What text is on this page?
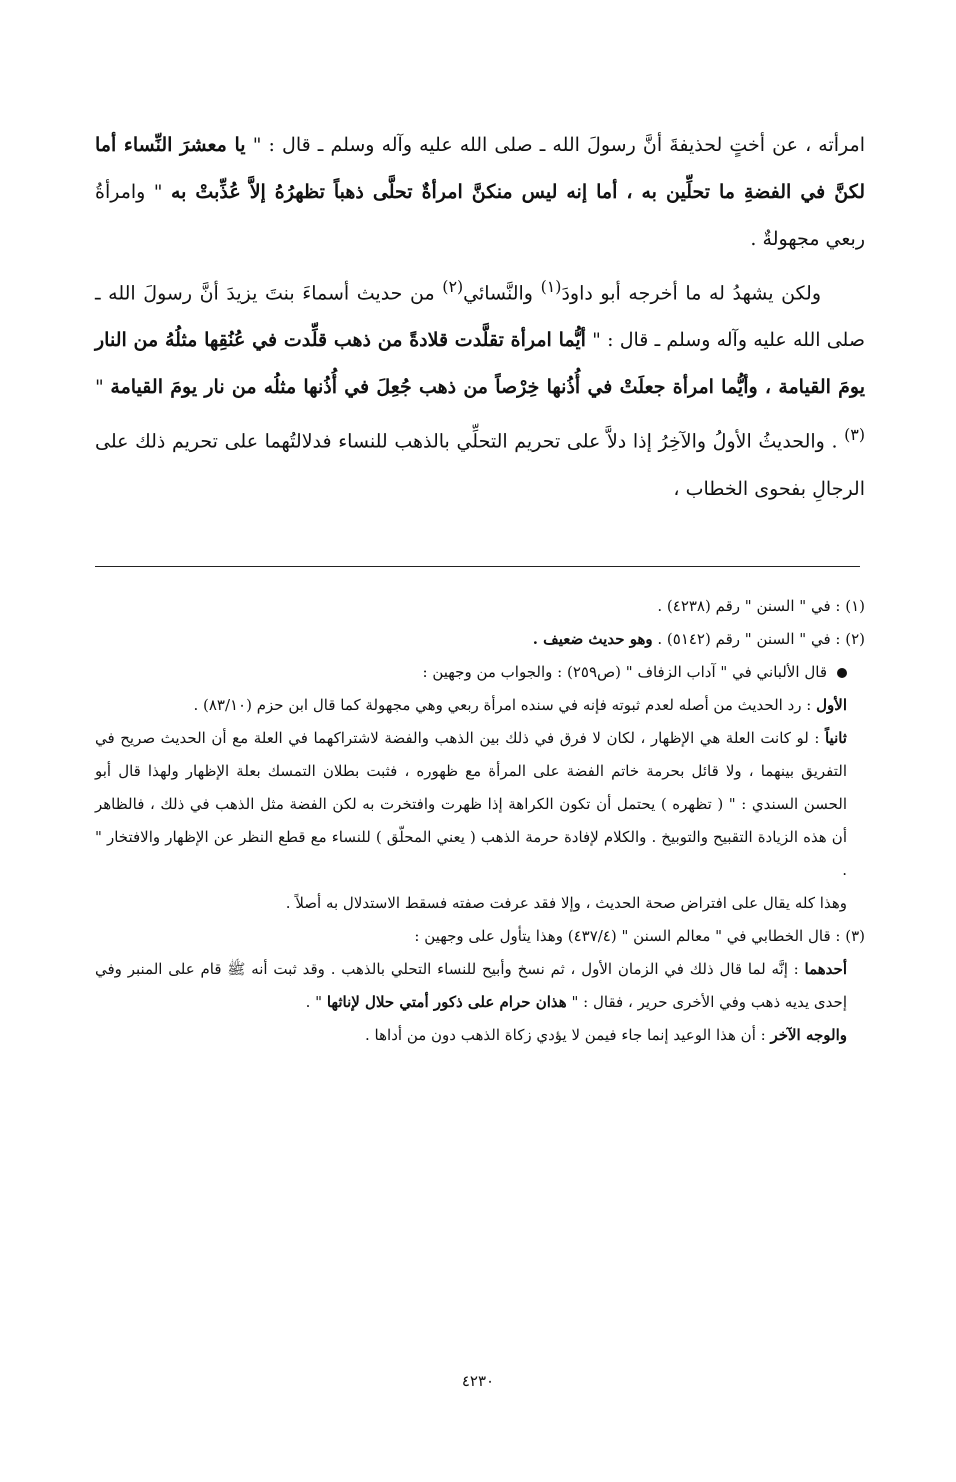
امرأته ، عن أختٍ لحذيفةَ أنَّ رسولَ الله ـ صلى الله عليه وآله وسلم ـ قال : " يا معشرَ النِّساء أما لكنَّ في الفضةِ ما تحلِّين به ، أما إنه ليس منكنَّ امرأةٌ تحلَّى ذهباً تظهرُهُ إلاَّ عُذِّبتْ به " وامرأةُ ربعي مجهولةٌ .

ولكن يشهدُ له ما أخرجه أبو داودَ$^{(١)}$ والنَّسائي$^{(٢)}$ من حديث أسماءَ بنتَ يزيدَ أنَّ رسولَ الله ـ صلى الله عليه وآله وسلم ـ قال : " أيُّما امرأة تقلَّدت قلادةً من ذهب قلِّدت في عُنُقِها مثلُهُ من النار يومَ القيامة ، وأيُّما امرأة جعلَتْ في أُذُنها خِرْصاً من ذهب جُعِلَ في أُذُنها مثلُه من نار يومَ القيامة "$^{(٣)}$ . والحديثُ الأولُ والآخِرُ إذا دلاَّ على تحريم التحلِّي بالذهب للنساء فدلالتُهما على تحريم ذلك على الرجالِ بفحوى الخطاب ،

(١) : في " السنن " رقم (٤٢٣٨) .

(٢) : في " السنن " رقم (٥١٤٢) . وهو حديث ضعيف .

قال الألباني في " آداب الزفاف " (ص٢٥٩) : والجواب من وجهين :

الأول : رد الحديث من أصله لعدم ثبوته فإنه في سنده امرأة ربعي وهي مجهولة كما قال ابن حزم (٨٣/١٠) .

ثانياً : لو كانت العلة هي الإظهار ، لكان لا فرق في ذلك بين الذهب والفضة لاشتراكهما في العلة مع أن الحديث صريح في التفريق بينهما ، ولا قائل بحرمة خاتم الفضة على المرأة مع ظهوره ، فثبت بطلان التمسك بعلة الإظهار ولهذا قال أبو الحسن السندي : " ( تظهره ) يحتمل أن تكون الكراهة إذا ظهرت وافتخرت به لكن الفضة مثل الذهب في ذلك ، فالظاهر أن هذه الزيادة التقبيح والتوبيخ . والكلام لإفادة حرمة الذهب ( يعني المحلّق ) للنساء مع قطع النظر عن الإظهار والافتخار " .

وهذا كله يقال على افتراض صحة الحديث ، وإلا فقد عرفت صفته فسقط الاستدلال به أصلاً .

(٣) : قال الخطابي في " معالم السنن " (٤٣٧/٤) وهذا يتأول على وجهين :

أحدهما : إنَّه لما قال ذلك في الزمان الأول ، ثم نسخ وأبيح للنساء التحلي بالذهب . وقد ثبت أنه ﷺ قام على المنبر وفي إحدى يديه ذهب وفي الأخرى حرير ، فقال : " هذان حرام على ذكور أمتي حلال لإناثها " .

والوجه الآخر : أن هذا الوعيد إنما جاء فيمن لا يؤدي زكاة الذهب دون من أداها .

٤٢٣٠
